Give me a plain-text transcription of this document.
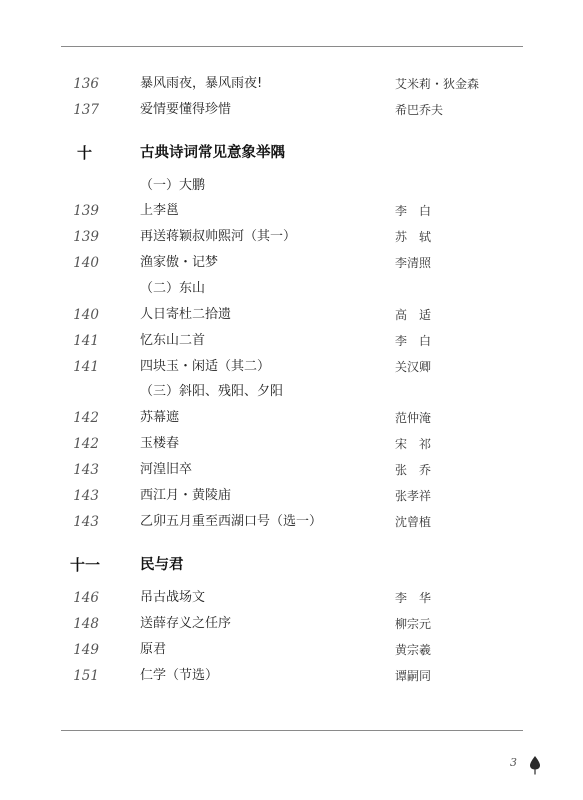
136	暴风雨夜，暴风雨夜!	艾米莉・狄金森
137	爱情要懂得珍惜	希巴乔夫
十	古典诗词常见意象举隅
（一）大鹏
139	上李邕	李　白
139	再送蒋颖叔帅熙河（其一）	苏　轼
140	渔家傲・记梦	李清照
（二）东山
140	人日寄杜二拾遗	高　适
141	忆东山二首	李　白
141	四块玉・闲适（其二）	关汉卿
（三）斜阳、残阳、夕阳
142	苏幕遮	范仲淹
142	玉楼春	宋　祁
143	河湟旧卒	张　乔
143	西江月・黄陵庙	张孝祥
143	乙卯五月重至西湖口号（选一）	沈曾植
十一	民与君
146	吊古战场文	李　华
148	送薛存义之任序	柳宗元
149	原君	黄宗羲
151	仁学（节选）	谭嗣同
3
